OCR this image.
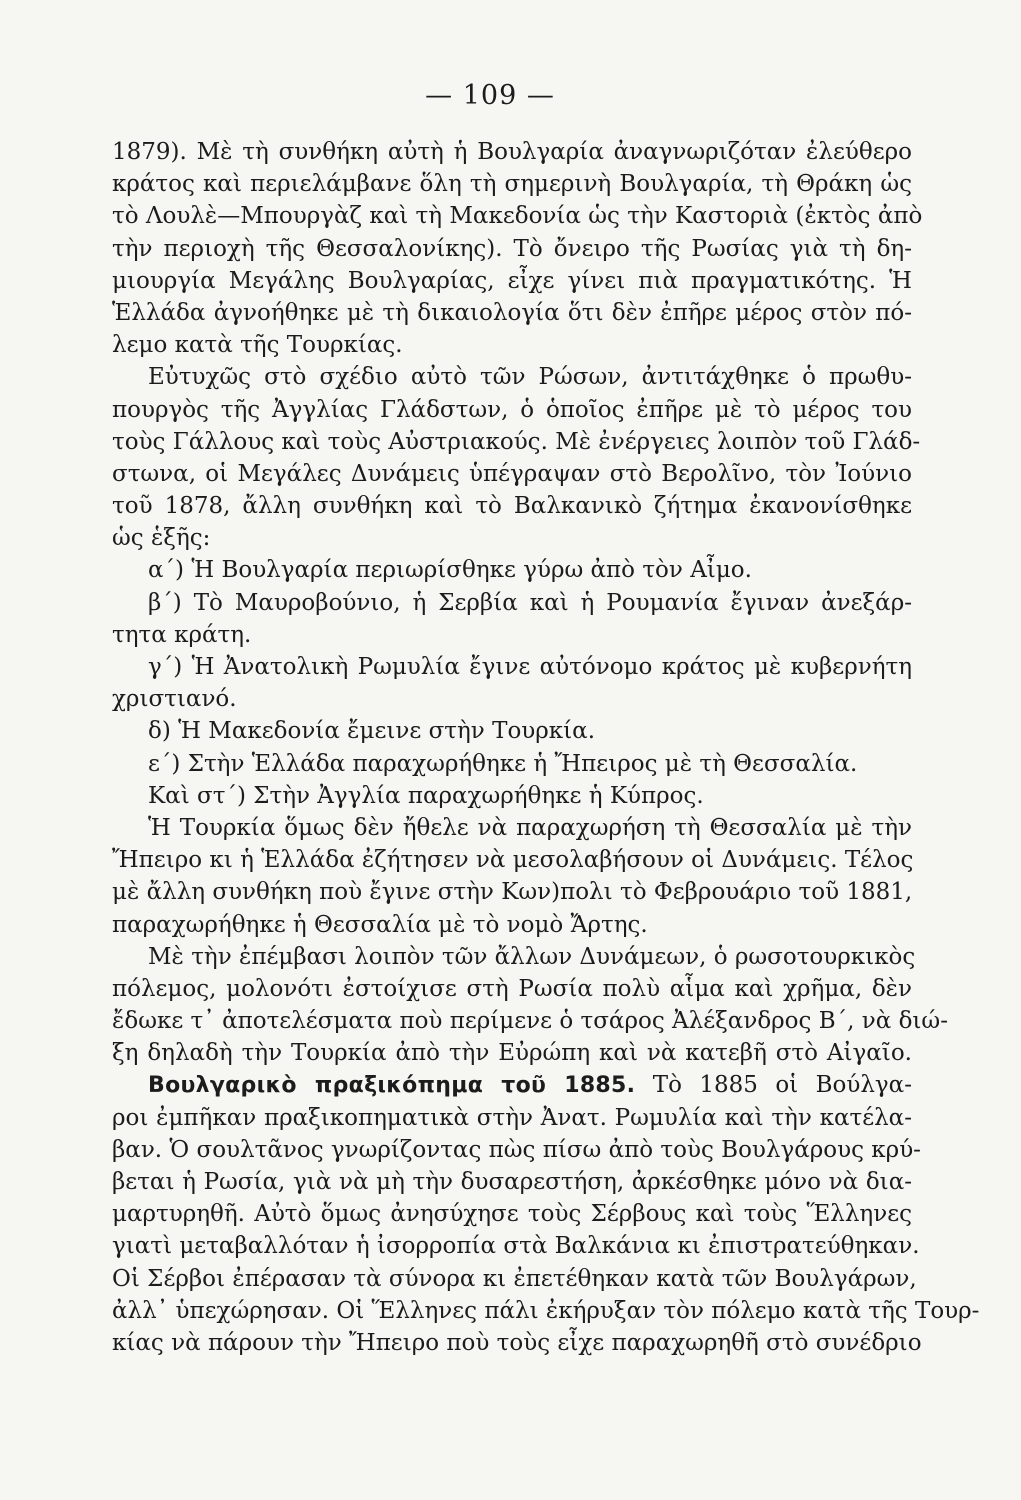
— 109 —
1879). Μὲ τὴ συνθήκη αὐτὴ ἡ Βουλγαρία ἀναγνωριζόταν ἐλεύθερο
κράτος καὶ περιελάμβανε ὅλη τὴ σημερινὴ Βουλγαρία, τὴ Θράκη ὡς
τὸ Λουλὲ—Μπουργὰζ καὶ τὴ Μακεδονία ὡς τὴν Καστοριὰ (ἐκτὸς ἀπὸ
τὴν περιοχὴ τῆς Θεσσαλονίκης). Τὸ ὄνειρο τῆς Ρωσίας γιὰ τὴ δη-
μιουργία Μεγάλης Βουλγαρίας, εἶχε γίνει πιὰ πραγματικότης. Ἡ
Ἑλλάδα ἀγνοήθηκε μὲ τὴ δικαιολογία ὅτι δὲν ἐπῆρε μέρος στὸν πό-
λεμο κατὰ τῆς Τουρκίας.
Εὐτυχῶς στὸ σχέδιο αὐτὸ τῶν Ρώσων, ἀντιτάχθηκε ὁ πρωθυ-
πουργὸς τῆς Ἀγγλίας Γλάδστων, ὁ ὁποῖος ἐπῆρε μὲ τὸ μέρος του
τοὺς Γάλλους καὶ τοὺς Αὐστριακούς. Μὲ ἐνέργειες λοιπὸν τοῦ Γλάδ-
στωνα, οἱ Μεγάλες Δυνάμεις ὑπέγραψαν στὸ Βερολῖνο, τὸν Ἰούνιο
τοῦ 1878, ἄλλη συνθήκη καὶ τὸ Βαλκανικὸ ζήτημα ἐκανονίσθηκε
ὡς ἑξῆς:
α΄) Ἡ Βουλγαρία περιωρίσθηκε γύρω ἀπὸ τὸν Αἶμο.
β΄) Τὸ Μαυροβούνιο, ἡ Σερβία καὶ ἡ Ρουμανία ἔγιναν ἀνεξάρ-
τητα κράτη.
γ΄) Ἡ Ἀνατολικὴ Ρωμυλία ἔγινε αὐτόνομο κράτος μὲ κυβερνήτη
χριστιανό.
δ) Ἡ Μακεδονία ἔμεινε στὴν Τουρκία.
ε΄) Στὴν Ἑλλάδα παραχωρήθηκε ἡ Ἤπειρος μὲ τὴ Θεσσαλία.
Καὶ στ΄) Στὴν Ἀγγλία παραχωρήθηκε ἡ Κύπρος.
Ἡ Τουρκία ὅμως δὲν ἤθελε νὰ παραχωρήση τὴ Θεσσαλία μὲ τὴν
Ἤπειρο κι ἡ Ἑλλάδα ἐζήτησεν νὰ μεσολαβήσουν οἱ Δυνάμεις. Τέλος
μὲ ἄλλη συνθήκη ποὺ ἔγινε στὴν Κων)πολι τὸ Φεβρουάριο τοῦ 1881,
παραχωρήθηκε ἡ Θεσσαλία μὲ τὸ νομὸ Ἄρτης.
Μὲ τὴν ἐπέμβασι λοιπὸν τῶν ἄλλων Δυνάμεων, ὁ ρωσοτουρκικὸς
πόλεμος, μολονότι ἐστοίχισε στὴ Ρωσία πολὺ αἷμα καὶ χρῆμα, δὲν
ἔδωκε τ᾽ ἀποτελέσματα ποὺ περίμενε ὁ τσάρος Ἀλέξανδρος Β΄, νὰ διώ-
ξη δηλαδὴ τὴν Τουρκία ἀπὸ τὴν Εὐρώπη καὶ νὰ κατεβῆ στὸ Αἰγαῖο.
Βουλγαρικὸ πραξικόπημα τοῦ 1885. Τὸ 1885 οἱ Βούλγα-
ροι ἐμπῆκαν πραξικοπηματικὰ στὴν Ἀνατ. Ρωμυλία καὶ τὴν κατέλα-
βαν. Ὁ σουλτᾶνος γνωρίζοντας πὼς πίσω ἀπὸ τοὺς Βουλγάρους κρύ-
βεται ἡ Ρωσία, γιὰ νὰ μὴ τὴν δυσαρεστήση, ἀρκέσθηκε μόνο νὰ δια-
μαρτυρηθῆ. Αὐτὸ ὅμως ἀνησύχησε τοὺς Σέρβους καὶ τοὺς Ἕλληνες
γιατὶ μεταβαλλόταν ἡ ἰσορροπία στὰ Βαλκάνια κι ἐπιστρατεύθηκαν.
Οἱ Σέρβοι ἐπέρασαν τὰ σύνορα κι ἐπετέθηκαν κατὰ τῶν Βουλγάρων,
ἀλλ᾽ ὑπεχώρησαν. Οἱ Ἕλληνες πάλι ἐκήρυξαν τὸν πόλεμο κατὰ τῆς Τουρ-
κίας νὰ πάρουν τὴν Ἤπειρο ποὺ τοὺς εἶχε παραχωρηθῆ στὸ συνέδριο
